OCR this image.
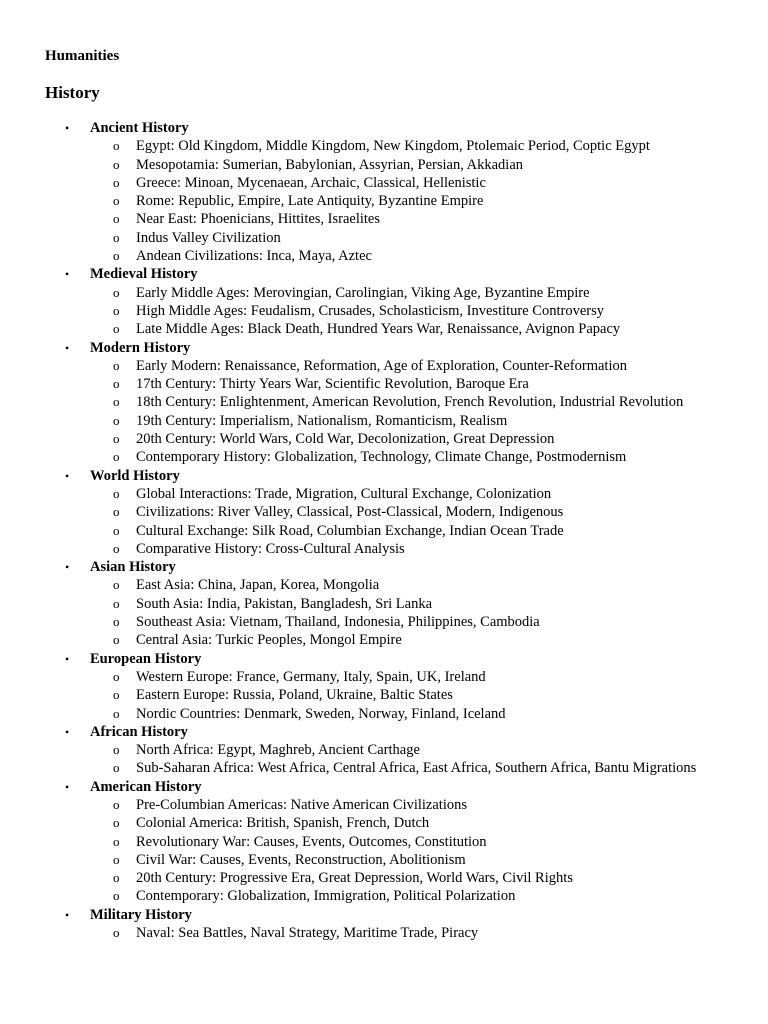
Humanities
History
• Ancient History
o Egypt: Old Kingdom, Middle Kingdom, New Kingdom, Ptolemaic Period, Coptic Egypt
o Mesopotamia: Sumerian, Babylonian, Assyrian, Persian, Akkadian
o Greece: Minoan, Mycenaean, Archaic, Classical, Hellenistic
o Rome: Republic, Empire, Late Antiquity, Byzantine Empire
o Near East: Phoenicians, Hittites, Israelites
o Indus Valley Civilization
o Andean Civilizations: Inca, Maya, Aztec
• Medieval History
o Early Middle Ages: Merovingian, Carolingian, Viking Age, Byzantine Empire
o High Middle Ages: Feudalism, Crusades, Scholasticism, Investiture Controversy
o Late Middle Ages: Black Death, Hundred Years War, Renaissance, Avignon Papacy
• Modern History
o Early Modern: Renaissance, Reformation, Age of Exploration, Counter-Reformation
o 17th Century: Thirty Years War, Scientific Revolution, Baroque Era
o 18th Century: Enlightenment, American Revolution, French Revolution, Industrial Revolution
o 19th Century: Imperialism, Nationalism, Romanticism, Realism
o 20th Century: World Wars, Cold War, Decolonization, Great Depression
o Contemporary History: Globalization, Technology, Climate Change, Postmodernism
• World History
o Global Interactions: Trade, Migration, Cultural Exchange, Colonization
o Civilizations: River Valley, Classical, Post-Classical, Modern, Indigenous
o Cultural Exchange: Silk Road, Columbian Exchange, Indian Ocean Trade
o Comparative History: Cross-Cultural Analysis
• Asian History
o East Asia: China, Japan, Korea, Mongolia
o South Asia: India, Pakistan, Bangladesh, Sri Lanka
o Southeast Asia: Vietnam, Thailand, Indonesia, Philippines, Cambodia
o Central Asia: Turkic Peoples, Mongol Empire
• European History
o Western Europe: France, Germany, Italy, Spain, UK, Ireland
o Eastern Europe: Russia, Poland, Ukraine, Baltic States
o Nordic Countries: Denmark, Sweden, Norway, Finland, Iceland
• African History
o North Africa: Egypt, Maghreb, Ancient Carthage
o Sub-Saharan Africa: West Africa, Central Africa, East Africa, Southern Africa, Bantu Migrations
• American History
o Pre-Columbian Americas: Native American Civilizations
o Colonial America: British, Spanish, French, Dutch
o Revolutionary War: Causes, Events, Outcomes, Constitution
o Civil War: Causes, Events, Reconstruction, Abolitionism
o 20th Century: Progressive Era, Great Depression, World Wars, Civil Rights
o Contemporary: Globalization, Immigration, Political Polarization
• Military History
o Naval: Sea Battles, Naval Strategy, Maritime Trade, Piracy
